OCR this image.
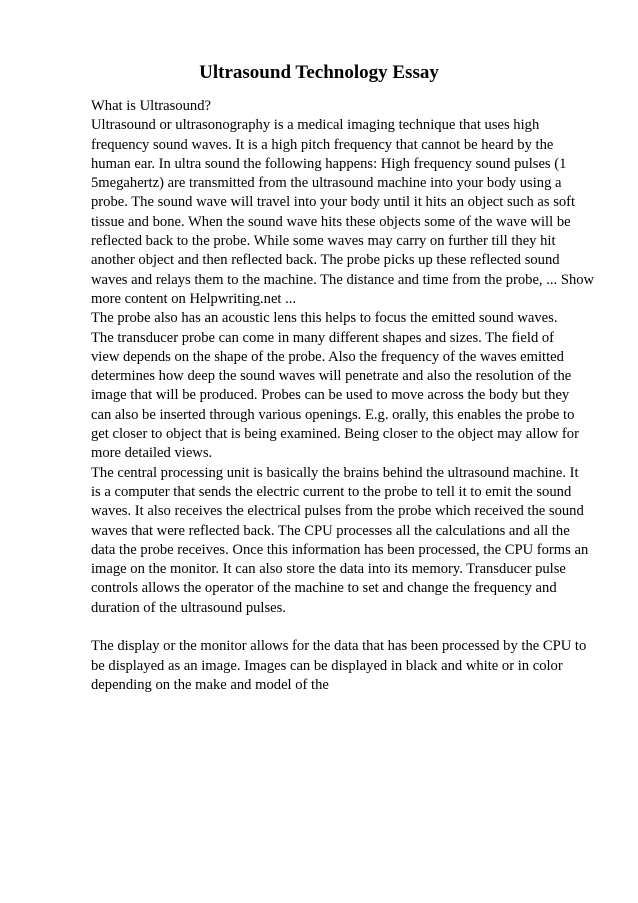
Ultrasound Technology Essay

What is Ultrasound?
Ultrasound or ultrasonography is a medical imaging technique that uses high
frequency sound waves. It is a high pitch frequency that cannot be heard by the
human ear. In ultra sound the following happens: High frequency sound pulses (1
5megahertz) are transmitted from the ultrasound machine into your body using a
probe. The sound wave will travel into your body until it hits an object such as soft
tissue and bone. When the sound wave hits these objects some of the wave will be
reflected back to the probe. While some waves may carry on further till they hit
another object and then reflected back. The probe picks up these reflected sound
waves and relays them to the machine. The distance and time from the probe, ... Show
more content on Helpwriting.net ...
The probe also has an acoustic lens this helps to focus the emitted sound waves.
The transducer probe can come in many different shapes and sizes. The field of
view depends on the shape of the probe. Also the frequency of the waves emitted
determines how deep the sound waves will penetrate and also the resolution of the
image that will be produced. Probes can be used to move across the body but they
can also be inserted through various openings. E.g. orally, this enables the probe to
get closer to object that is being examined. Being closer to the object may allow for
more detailed views.
The central processing unit is basically the brains behind the ultrasound machine. It
is a computer that sends the electric current to the probe to tell it to emit the sound
waves. It also receives the electrical pulses from the probe which received the sound
waves that were reflected back. The CPU processes all the calculations and all the
data the probe receives. Once this information has been processed, the CPU forms an
image on the monitor. It can also store the data into its memory. Transducer pulse
controls allows the operator of the machine to set and change the frequency and
duration of the ultrasound pulses.

The display or the monitor allows for the data that has been processed by the CPU to
be displayed as an image. Images can be displayed in black and white or in color
depending on the make and model of the
